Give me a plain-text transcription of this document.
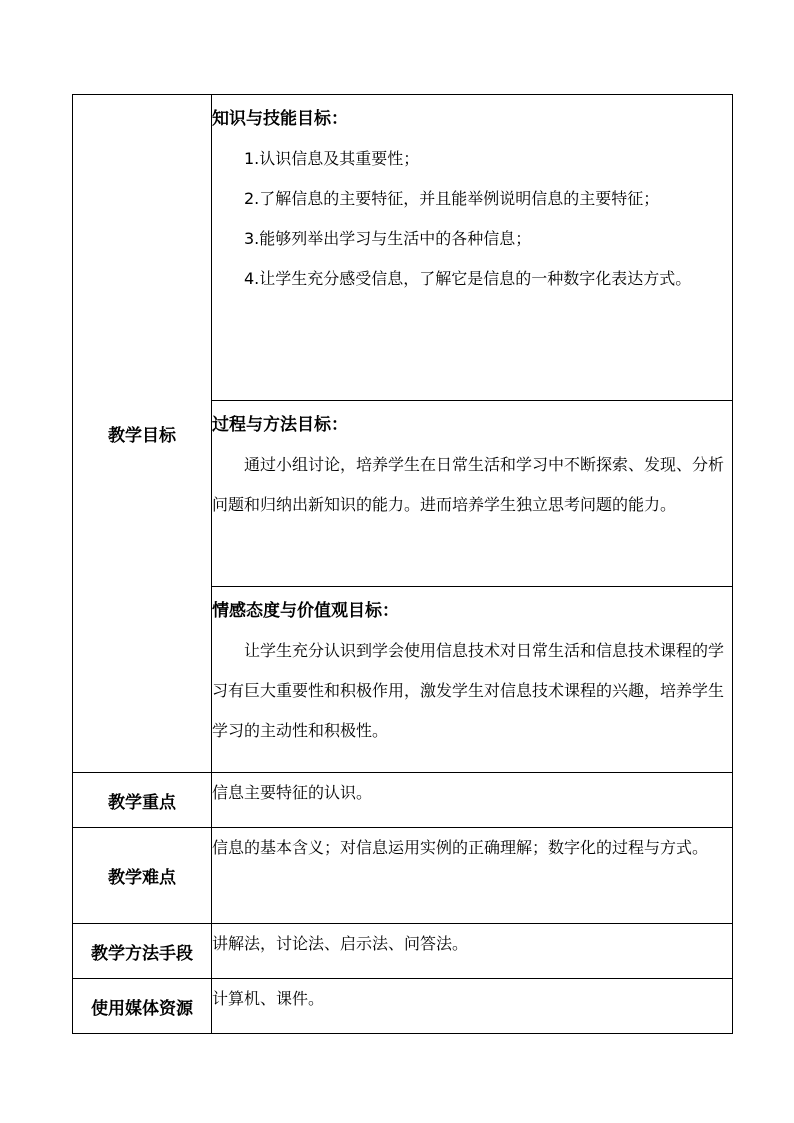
教学目标	知识与技能目标：

1.认识信息及其重要性；

2.了解信息的主要特征，并且能举例说明信息的主要特征；

3.能够列举出学习与生活中的各种信息；

4.让学生充分感受信息，了解它是信息的一种数字化表达方式。

	过程与方法目标：

通过小组讨论，培养学生在日常生活和学习中不断探索、发现、分析问题和归纳出新知识的能力。进而培养学生独立思考问题的能力。

	情感态度与价值观目标：

让学生充分认识到学会使用信息技术对日常生活和信息技术课程的学习有巨大重要性和积极作用，激发学生对信息技术课程的兴趣，培养学生学习的主动性和积极性。

教学重点	信息主要特征的认识。
教学难点	信息的基本含义；对信息运用实例的正确理解；数字化的过程与方式。
教学方法手段	讲解法，讨论法、启示法、问答法。
使用媒体资源	计算机、课件。
